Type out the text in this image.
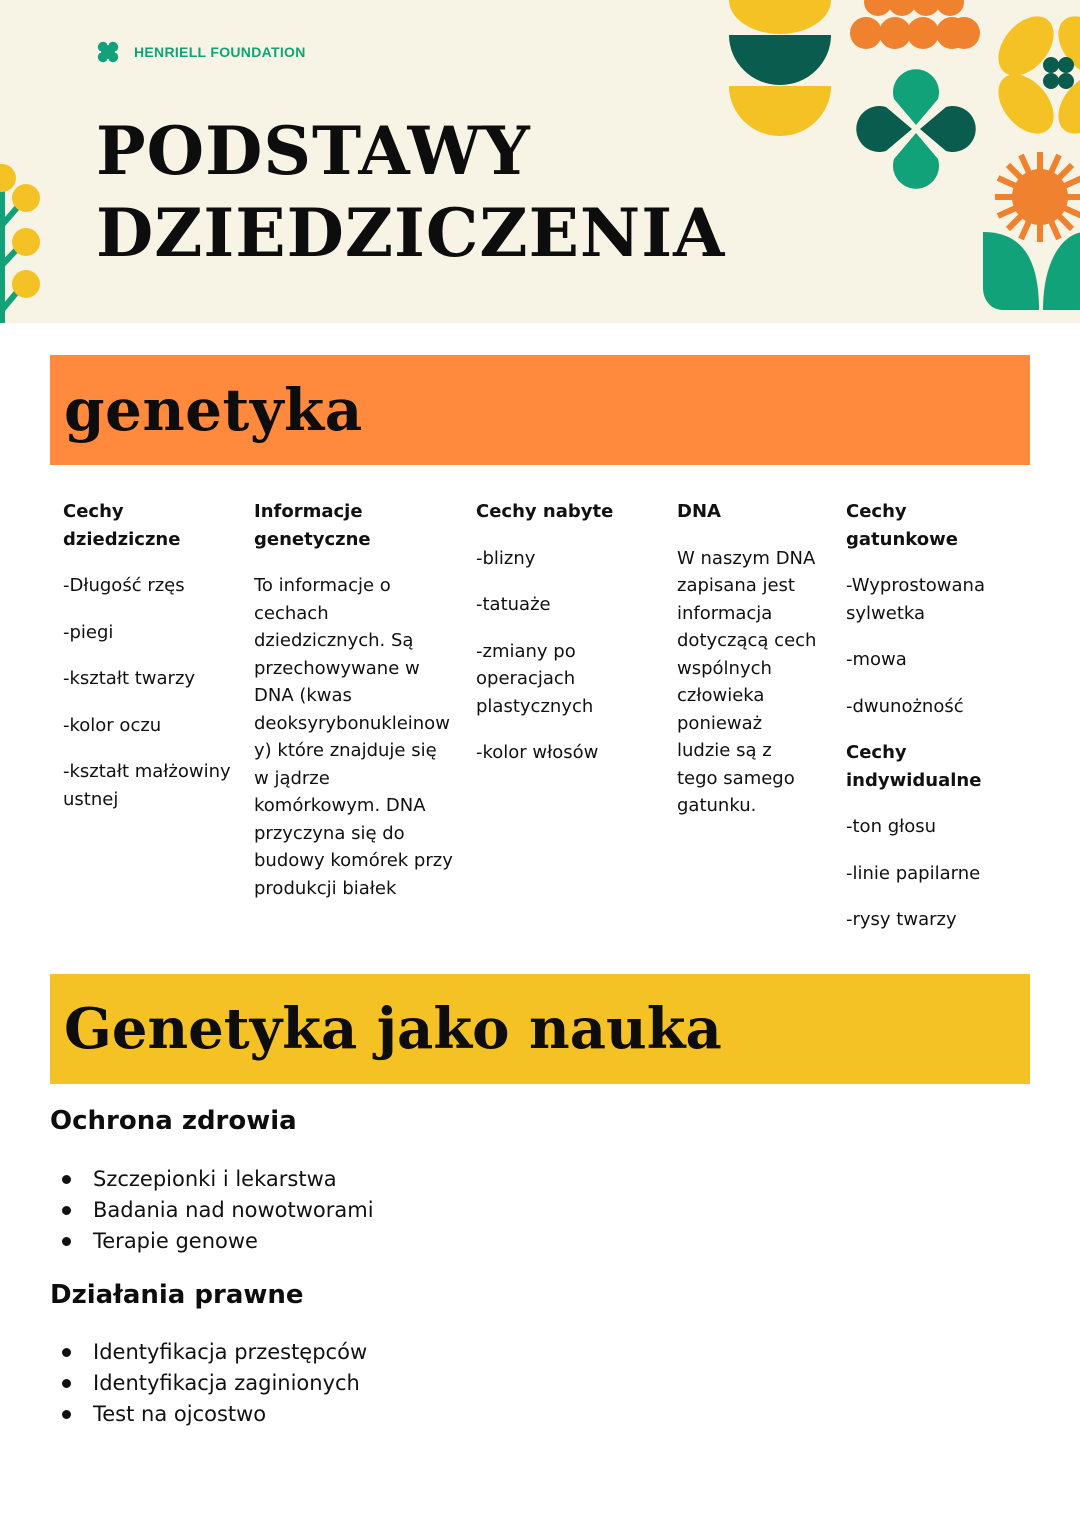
HENRIELL FOUNDATION
PODSTAWY
DZIEDZICZENIA
genetyka
Cechy dziedziczne
-Długość rzęs
-piegi
-kształt twarzy
-kolor oczu
-kształt małżowiny ustnej
Informacje genetyczne

To informacje o cechach dziedzicznych. Są przechowywane w DNA (kwas deoksyrybonukleinowy) które znajduje się w jądrze komórkowym. DNA przyczyna się do budowy komórek przy produkcji białek

Cechy nabyte
-blizny
-tatuaże
-zmiany po operacjach plastycznych
-kolor włosów
DNA

W naszym DNA zapisana jest informacja dotyczącą cech wspólnych człowieka ponieważ ludzie są z tego samego gatunku.

Cechy gatunkowe
-Wyprostowana sylwetka
-mowa
-dwunożność
Cechy indywidualne
-ton głosu
-linie papilarne
-rysy twarzy
Genetyka jako nauka
Ochrona zdrowia
Szczepionki i lekarstwa
Badania nad nowotworami
Terapie genowe
Działania prawne
Identyfikacja przestępców
Identyfikacja zaginionych
Test na ojcostwo
